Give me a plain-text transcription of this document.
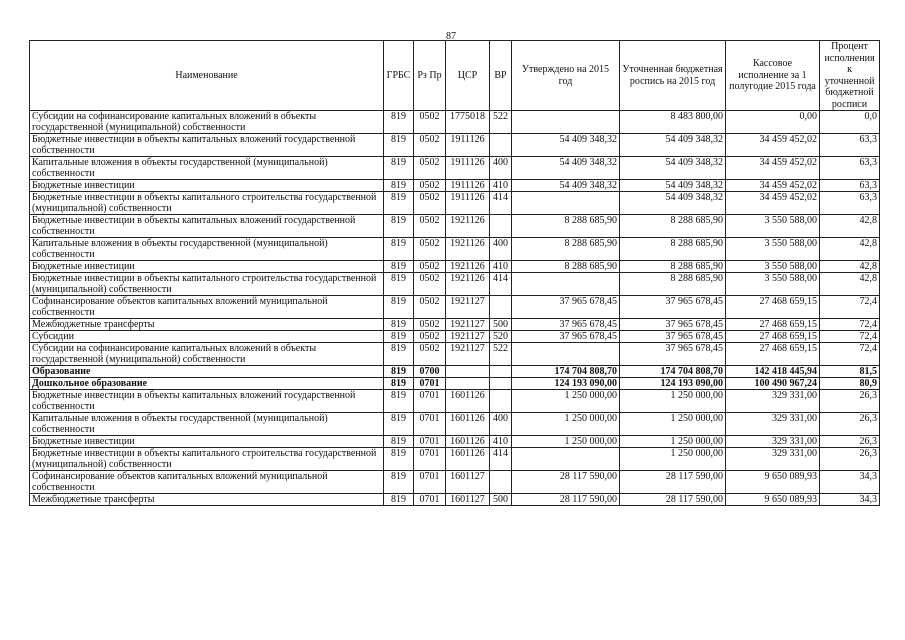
87
Наименование	ГРБС	Рз Пр	ЦСР	ВР	Утверждено на 2015 год	Уточненная бюджетная роспись на 2015 год	Кассовое исполнение за 1 полугодие 2015 года	Процент исполнения к уточненной бюджетной росписи
Субсидии на софинансирование капитальных вложений в объекты государственной (муниципальной) собственности	819	0502	1775018	522		8 483 800,00	0,00	0,0
Бюджетные инвестиции в объекты капитальных вложений государственной собственности	819	0502	1911126		54 409 348,32	54 409 348,32	34 459 452,02	63,3
Капитальные вложения в объекты государственной (муниципальной) собственности	819	0502	1911126	400	54 409 348,32	54 409 348,32	34 459 452,02	63,3
Бюджетные инвестиции	819	0502	1911126	410	54 409 348,32	54 409 348,32	34 459 452,02	63,3
Бюджетные инвестиции в объекты капитального строительства государственной (муниципальной) собственности	819	0502	1911126	414		54 409 348,32	34 459 452,02	63,3
Бюджетные инвестиции в объекты капитальных вложений государственной собственности	819	0502	1921126		8 288 685,90	8 288 685,90	3 550 588,00	42,8
Капитальные вложения в объекты государственной (муниципальной) собственности	819	0502	1921126	400	8 288 685,90	8 288 685,90	3 550 588,00	42,8
Бюджетные инвестиции	819	0502	1921126	410	8 288 685,90	8 288 685,90	3 550 588,00	42,8
Бюджетные инвестиции в объекты капитального строительства государственной (муниципальной) собственности	819	0502	1921126	414		8 288 685,90	3 550 588,00	42,8
Софинансирование объектов капитальных вложений муниципальной собственности	819	0502	1921127		37 965 678,45	37 965 678,45	27 468 659,15	72,4
Межбюджетные трансферты	819	0502	1921127	500	37 965 678,45	37 965 678,45	27 468 659,15	72,4
Субсидии	819	0502	1921127	520	37 965 678,45	37 965 678,45	27 468 659,15	72,4
Субсидии на софинансирование капитальных вложений в объекты государственной (муниципальной) собственности	819	0502	1921127	522		37 965 678,45	27 468 659,15	72,4
Образование	819	0700			174 704 808,70	174 704 808,70	142 418 445,94	81,5
Дошкольное образование	819	0701			124 193 090,00	124 193 090,00	100 490 967,24	80,9
Бюджетные инвестиции в объекты капитальных вложений государственной собственности	819	0701	1601126		1 250 000,00	1 250 000,00	329 331,00	26,3
Капитальные вложения в объекты государственной (муниципальной) собственности	819	0701	1601126	400	1 250 000,00	1 250 000,00	329 331,00	26,3
Бюджетные инвестиции	819	0701	1601126	410	1 250 000,00	1 250 000,00	329 331,00	26,3
Бюджетные инвестиции в объекты капитального строительства государственной (муниципальной) собственности	819	0701	1601126	414		1 250 000,00	329 331,00	26,3
Софинансирование объектов капитальных вложений муниципальной собственности	819	0701	1601127		28 117 590,00	28 117 590,00	9 650 089,93	34,3
Межбюджетные трансферты	819	0701	1601127	500	28 117 590,00	28 117 590,00	9 650 089,93	34,3
